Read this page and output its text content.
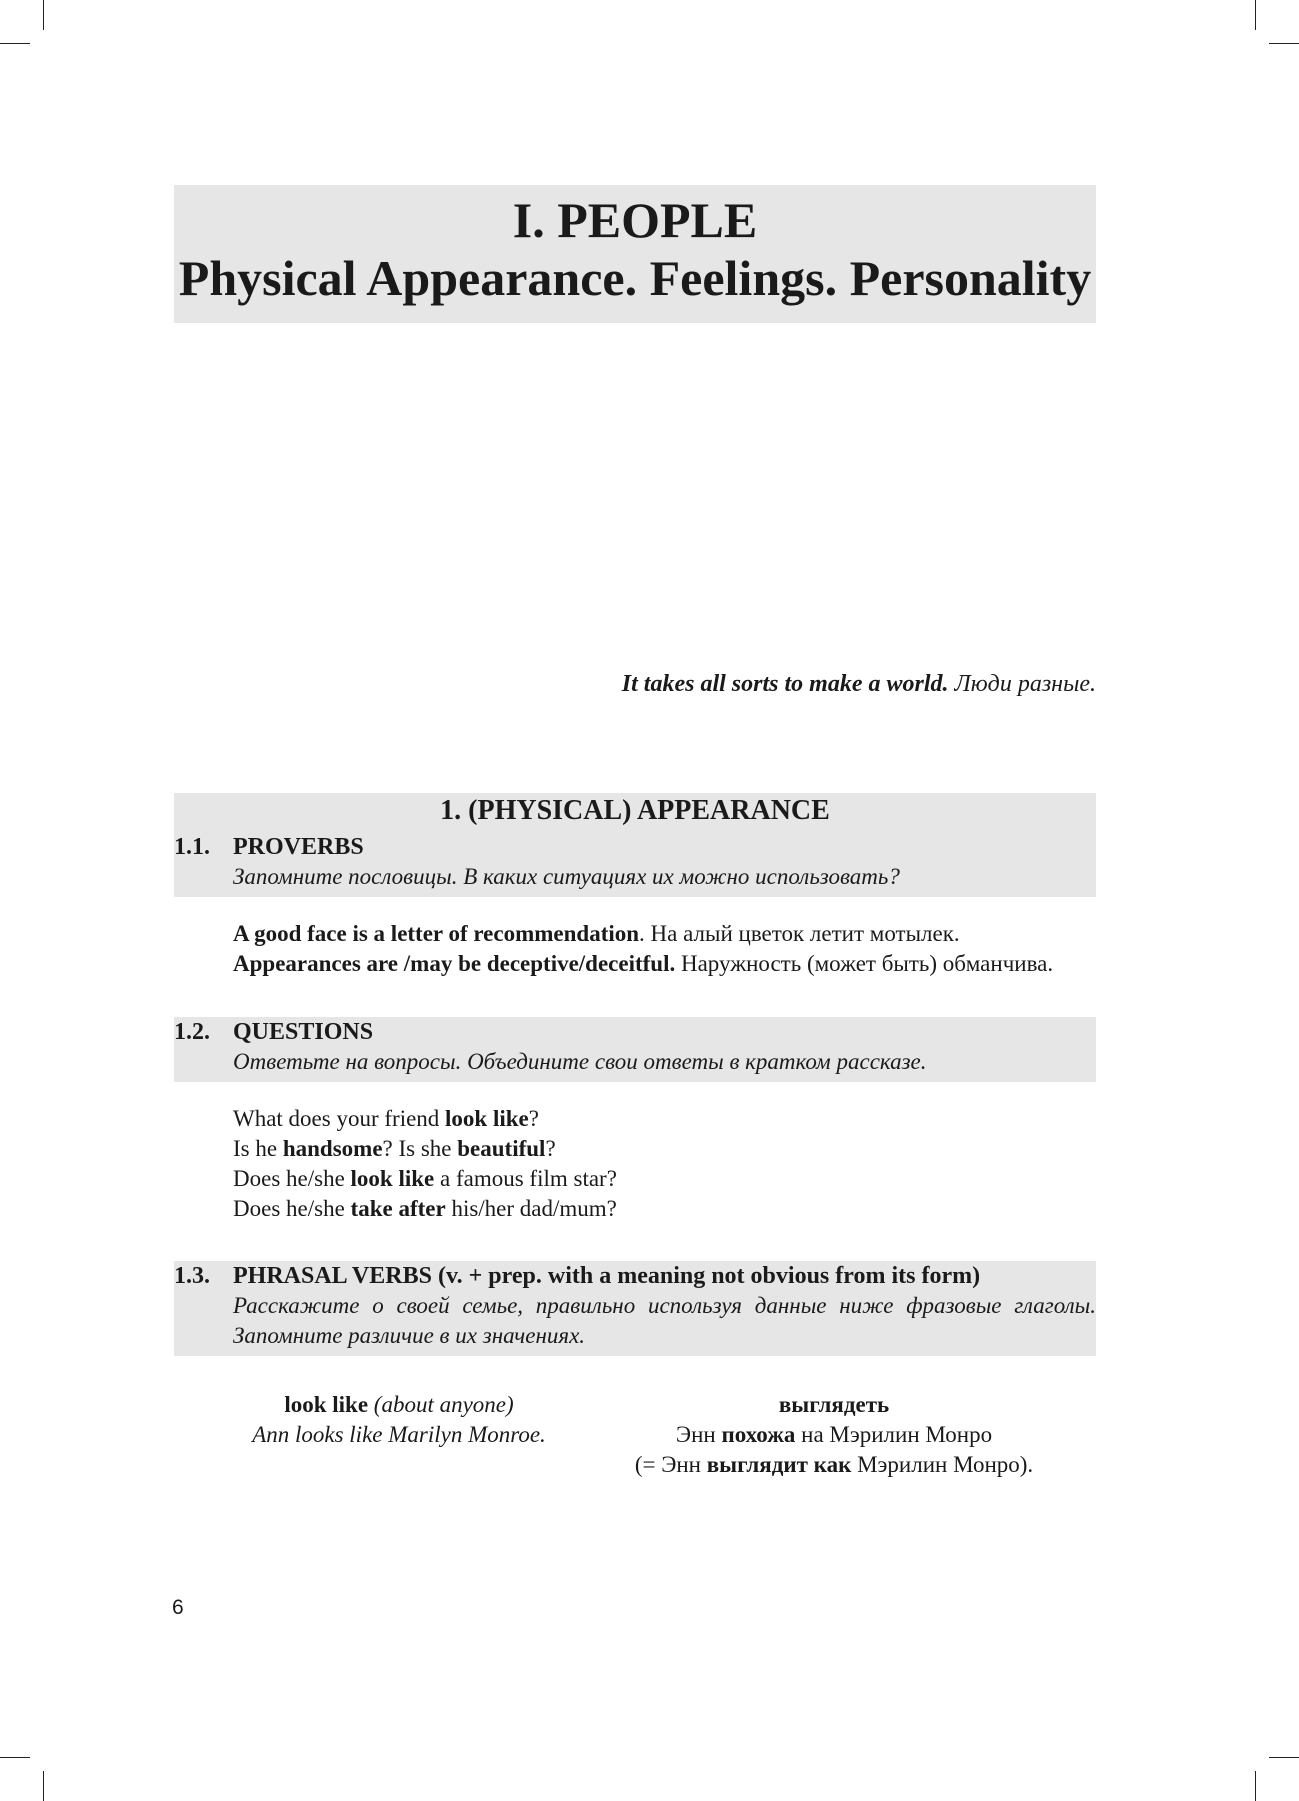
I. PEOPLE
Physical Appearance. Feelings. Personality
It takes all sorts to make a world. Люди разные.
1. (PHYSICAL) APPEARANCE
1.1. PROVERBS
Запомните пословицы. В каких ситуациях их можно использовать?

A good face is a letter of recommendation. На алый цветок летит мотылек.

Appearances are /may be deceptive/deceitful. Наружность (может быть) обманчива.

1.2. QUESTIONS
Ответьте на вопросы. Объедините свои ответы в кратком рассказе.

What does your friend look like?

Is he handsome? Is she beautiful?

Does he/she look like a famous film star?

Does he/she take after his/her dad/mum?

1.3. PHRASAL VERBS (v. + prep. with a meaning not obvious from its form)
Расскажите о своей семье, правильно используя данные ниже фразовые глаголы. Запомните различие в их значениях.
look like (about anyone)
Ann looks like Marilyn Monroe.
выглядеть
Энн похожа на Мэрилин Монро
(= Энн выглядит как Мэрилин Монро).
6
